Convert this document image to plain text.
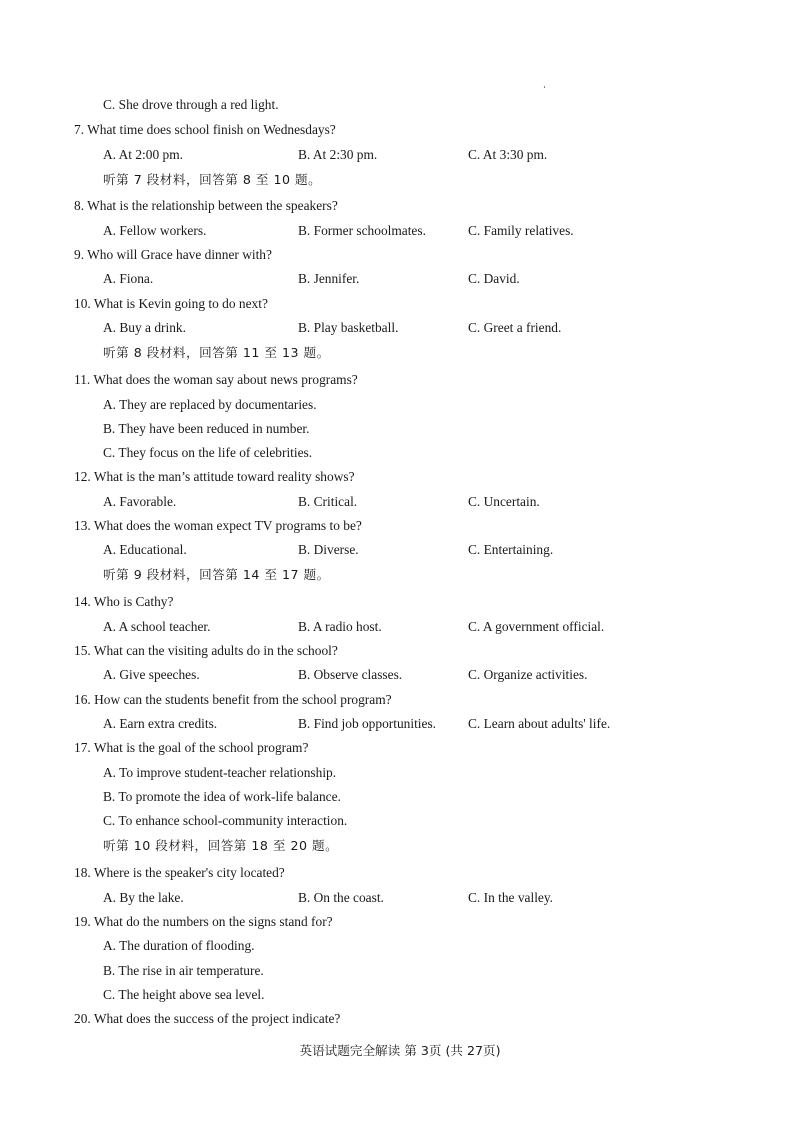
ʻ
C. She drove through a red light.
7. What time does school finish on Wednesdays?
A. At 2:00 pm.	B. At 2:30 pm.	C. At 3:30 pm.
听第 7 段材料，回答第 8 至 10 题。
8. What is the relationship between the speakers?
A. Fellow workers.	B. Former schoolmates.	C. Family relatives.
9. Who will Grace have dinner with?
A. Fiona.	B. Jennifer.	C. David.
10. What is Kevin going to do next?
A. Buy a drink.	B. Play basketball.	C. Greet a friend.
听第 8 段材料，回答第 11 至 13 题。
11. What does the woman say about news programs?
A. They are replaced by documentaries.
B. They have been reduced in number.
C. They focus on the life of celebrities.
12. What is the man’s attitude toward reality shows?
A. Favorable.	B. Critical.	C. Uncertain.
13. What does the woman expect TV programs to be?
A. Educational.	B. Diverse.	C. Entertaining.
听第 9 段材料，回答第 14 至 17 题。
14. Who is Cathy?
A. A school teacher.	B. A radio host.	C. A government official.
15. What can the visiting adults do in the school?
A. Give speeches.	B. Observe classes.	C. Organize activities.
16. How can the students benefit from the school program?
A. Earn extra credits.	B. Find job opportunities. C. Learn about adults' life.
17. What is the goal of the school program?
A. To improve student-teacher relationship.
B. To promote the idea of work-life balance.
C. To enhance school-community interaction.
听第 10 段材料，回答第 18 至 20 题。
18. Where is the speaker's city located?
A. By the lake.	B. On the coast.	C. In the valley.
19. What do the numbers on the signs stand for?
A. The duration of flooding.
B. The rise in air temperature.
C. The height above sea level.
20. What does the success of the project indicate?
英语试题完全解读 第 3页 (共 27页)
